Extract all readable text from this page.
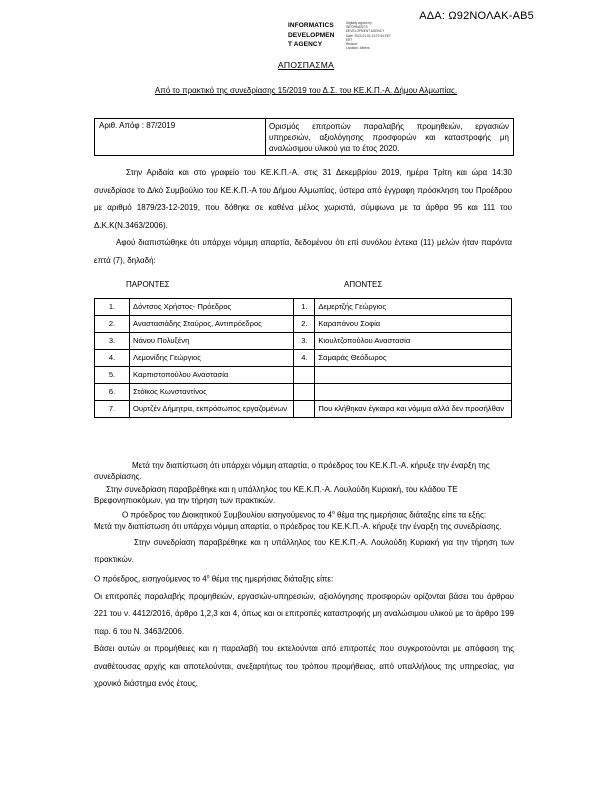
ΑΔΑ: Ω92ΝΟΛΑΚ-ΑΒ5
INFORMATICS
DEVELOPMEN
T AGENCY
Digitally signed by
INFORMATICS
DEVELOPMENT AGENCY
Date: 2020.01.03 13:07:54 EET
EET
Reason:
Location: Athens
ΑΠΟΣΠΑΣΜΑ
Από το πρακτικό της συνεδρίασης 15/2019 του Δ.Σ. του ΚΕ.Κ.Π.-Α. Δήμου Αλμωπίας.
Αριθ. Απόφ : 87/2019	Ορισμός επιτροπών παραλαβής προμηθειών, εργασιών υπηρεσιών, αξιολόγησης προσφορών και καταστροφής μη αναλώσιμου υλικού για το έτος 2020.
Στην Αριδαία και στο γραφείο του ΚΕ.Κ.Π.-Α. στις 31 Δεκεμβρίου 2019, ημέρα Τρίτη και ώρα 14:30 συνεδρίασε το Δ/κό Συμβούλιο του ΚΕ.Κ.Π.-Α του Δήμου Αλμωπίας, ύστερα από έγγραφη πρόσκληση του Προέδρου με αριθμό 1879/23-12-2019, που δόθηκε σε καθένα μέλος χωριστά, σύμφωνα με τα άρθρα 95 και 111 του Δ.Κ.Κ(Ν.3463/2006).
Αφού διαπιστώθηκε ότι υπάρχει νόμιμη απαρτία, δεδομένου ότι επί συνόλου έντεκα (11) μελών ήταν παρόντα επτά (7), δηλαδή:
ΠΑΡΟΝΤΕΣ	ΑΠΟΝΤΕΣ
1.	Δόντσος Χρήστος- Πρόεδρος	1.	Δεμερτζής Γεώργιος
2.	Αναστασιάδης Σταύρος, Αντιπρόεδρος	2.	Καραπάνου Σοφία
3.	Νάνου Πολυξένη	3.	Κιουλτζοπούλου Αναστασία
4.	Λεμονίδης Γεώργιος	4.	Σαμαράς Θεόδωρος
5.	Καρπιστοπούλου Αναστασία		
6.	Στόϊκος Κωνσταντίνος		
7.	Ουρτζέν Δήμητρα, εκπρόσωπος εργαζομένων		Που κλήθηκαν έγκαιρα και νόμιμα αλλά δεν προσήλθαν
Μετά την διαπίστωση ότι υπάρχει νόμιμη απαρτία, ο πρόεδρος του ΚΕ.Κ.Π.-Α. κήρυξε την έναρξη της συνεδρίασης.
Στην συνεδρίαση παραβρέθηκε και η υπάλληλος του ΚΕ.Κ.Π.-Α. Λουλούδη Κυριακή, του κλάδου ΤΕ Βρεφονηπιοκόμων, για την τήρηση των πρακτικών.
Ο πρόεδρος του Διοικητικού Συμβουλίου εισηγούμενος το $4^o$ θέμα της ημερήσιας διάταξης είπε τα εξής:
Μετά την διαπίστωση ότι υπάρχει νόμιμη απαρτία, ο πρόεδρος του ΚΕ.Κ.Π.-Α. κήρυξε την έναρξη της συνεδρίασης.
Στην συνεδρίαση παραβρέθηκε και η υπάλληλος του ΚΕ.Κ.Π.-Α. Λουλούδη Κυριακή για την τήρηση των πρακτικών.
Ο πρόεδρος, εισηγούμενος το $4^o$ θέμα της ημερήσιας διάταξης είπε:
Οι επιτροπές παραλαβής προμηθειών, εργασιών-υπηρεσιών, αξιολόγησης προσφορών ορίζονται βάσει του άρθρου 221 του ν. 4412/2016, άρθρο 1,2,3 και 4, όπως και οι επιτροπές καταστροφής μη αναλώσιμου υλικού με το άρθρο 199 παρ. 6 του Ν. 3463/2006.
Βάσει αυτών οι προμήθειες και η παραλαβή του εκτελούνται από επιτροπές που συγκροτούνται με απόφαση της αναθέτουσας αρχής και αποτελούνται, ανεξαρτήτως του τρόπου προμήθειας, από υπαλλήλους της υπηρεσίας, για χρονικό διάστημα ενός έτους.
